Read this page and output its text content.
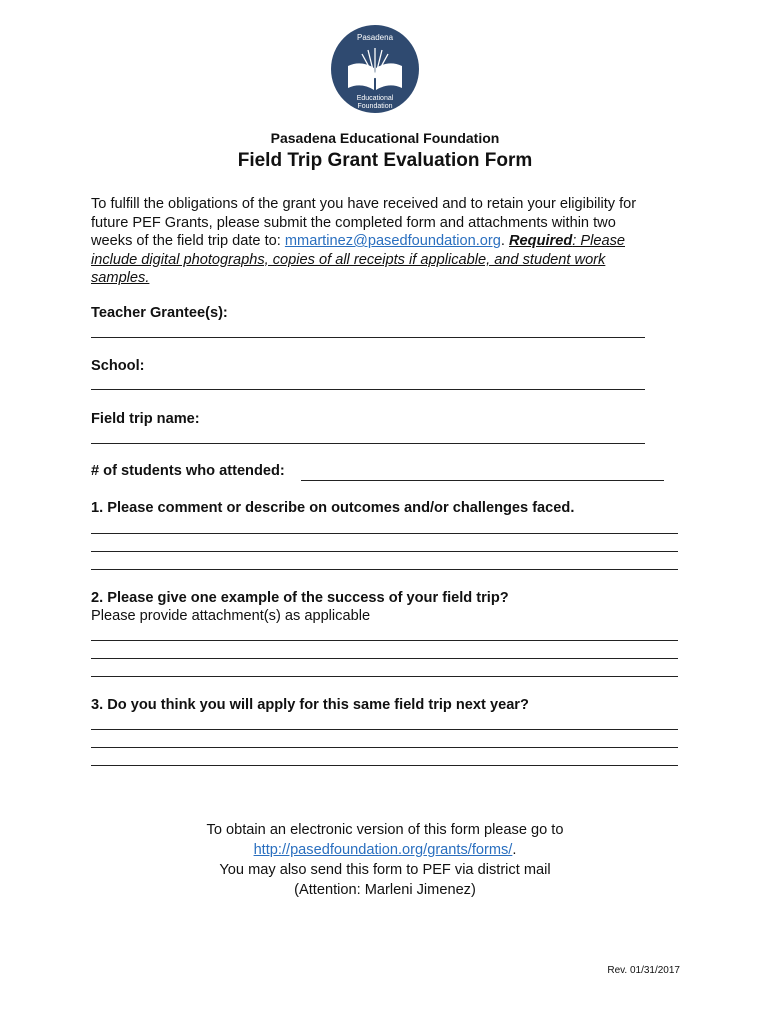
Pasadena
Educational
Foundation
Pasadena Educational Foundation
Field Trip Grant Evaluation Form
To fulfill the obligations of the grant you have received and to retain your eligibility for
future PEF Grants, please submit the completed form and attachments within two
weeks of the field trip date to: mmartinez@pasedfoundation.org. Required: Please
include digital photographs, copies of all receipts if applicable, and student work
samples.
Teacher Grantee(s):
School:
Field trip name:
# of students who attended:
1. Please comment or describe on outcomes and/or challenges faced.
2. Please give one example of the success of your field trip?
Please provide attachment(s) as applicable
3. Do you think you will apply for this same field trip next year?
To obtain an electronic version of this form please go to
http://pasedfoundation.org/grants/forms/.
You may also send this form to PEF via district mail
(Attention: Marleni Jimenez)
Rev. 01/31/2017
